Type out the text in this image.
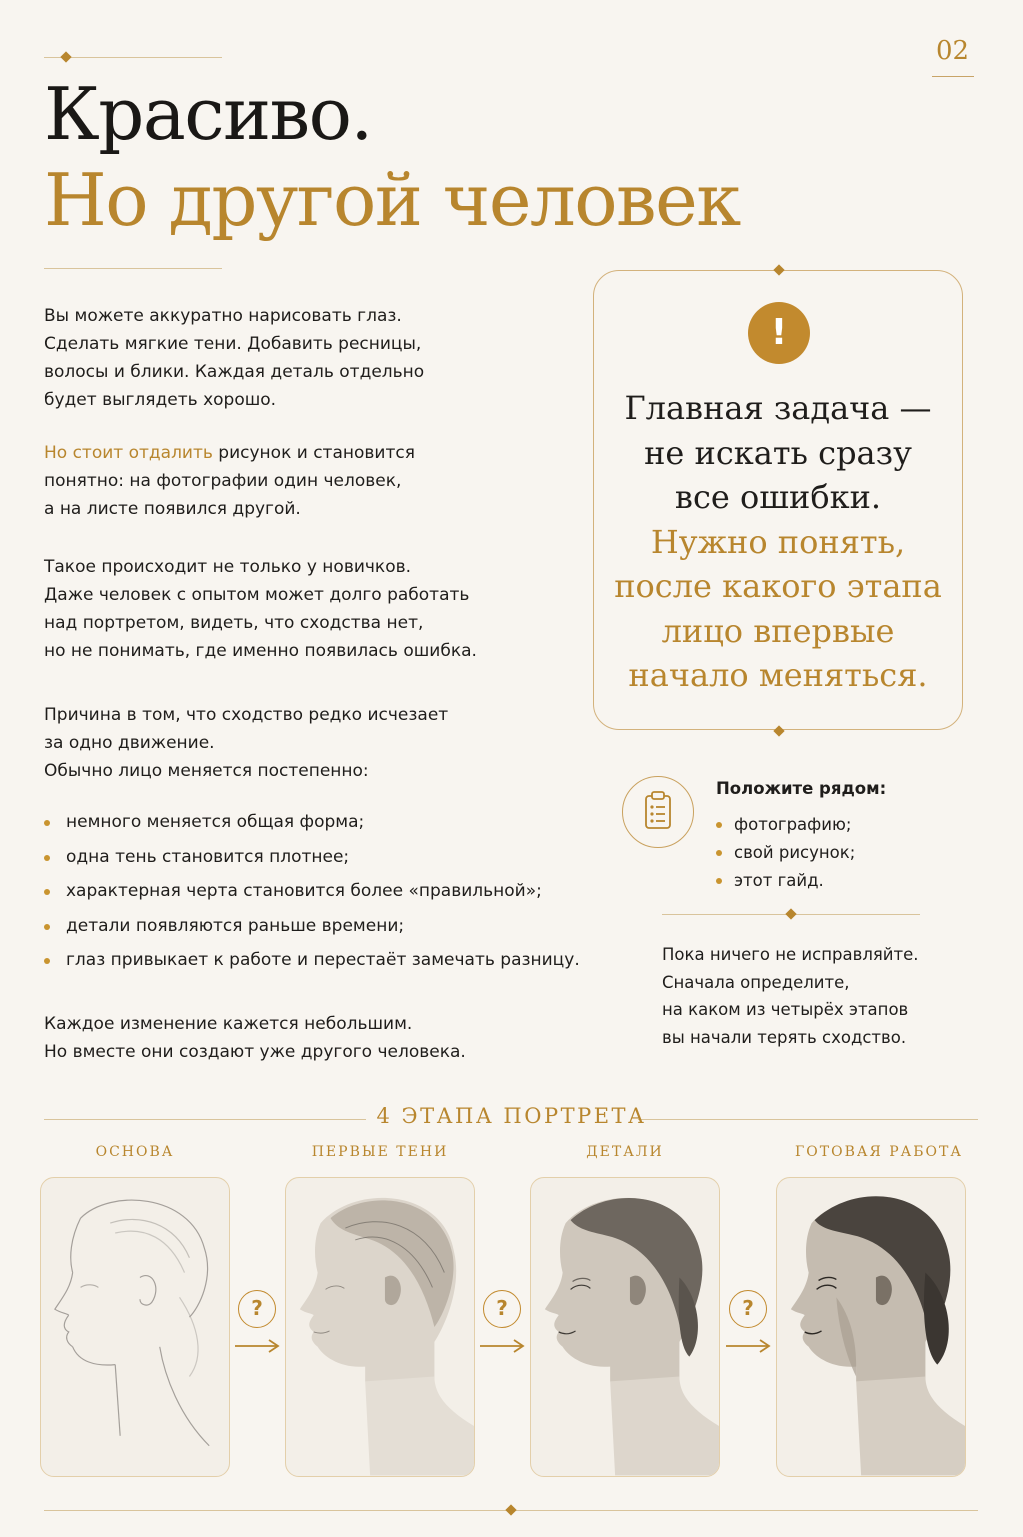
02
Красиво.
Но другой человек
Вы можете аккуратно нарисовать глаз.
Сделать мягкие тени. Добавить ресницы,
волосы и блики. Каждая деталь отдельно
будет выглядеть хорошо.
Но стоит отдалить рисунок и становится
понятно: на фотографии один человек,
а на листе появился другой.
Такое происходит не только у новичков.
Даже человек с опытом может долго работать
над портретом, видеть, что сходства нет,
но не понимать, где именно появилась ошибка.
Причина в том, что сходство редко исчезает
за одно движение.
Обычно лицо меняется постепенно:
немного меняется общая форма;
одна тень становится плотнее;
характерная черта становится более «правильной»;
детали появляются раньше времени;
глаз привыкает к работе и перестаёт замечать разницу.
Каждое изменение кажется небольшим.
Но вместе они создают уже другого человека.
!
Главная задача —
не искать сразу
все ошибки.
Нужно понять,
после какого этапа
лицо впервые
начало меняться.
Положите рядом:
фотографию;
свой рисунок;
этот гайд.
Пока ничего не исправляйте.
Сначала определите,
на каком из четырёх этапов
вы начали терять сходство.
4 ЭТАПА ПОРТРЕТА
ОСНОВА	ПЕРВЫЕ ТЕНИ	ДЕТАЛИ	ГОТОВАЯ РАБОТА
?	?	?
